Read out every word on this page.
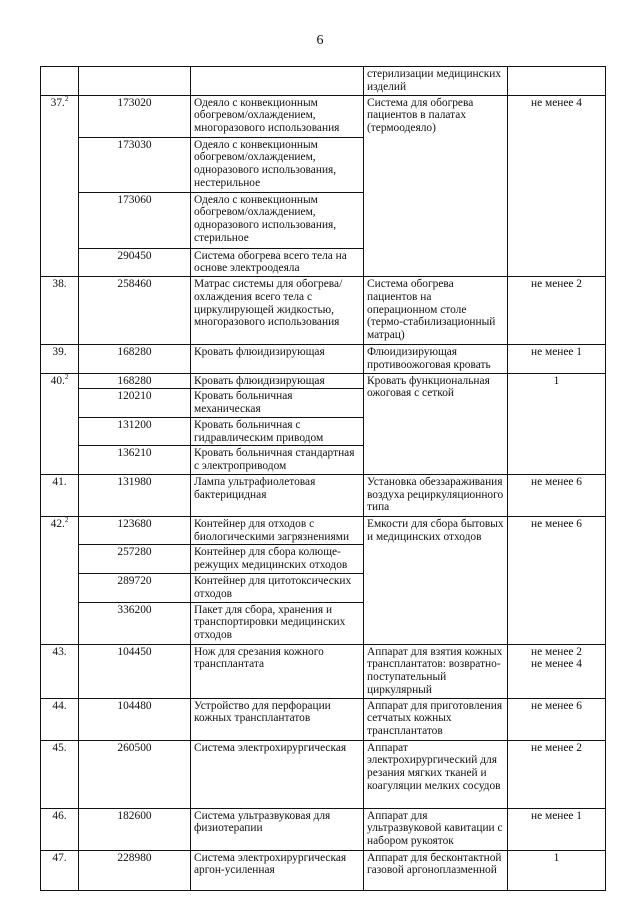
6
			стерилизации медицинских изделий	

37.$^2$	173020	Одеяло с конвекционным обогревом/охлаждением, многоразового использования	Система для обогрева пациентов в палатах (термоодеяло)	не менее 4

	173030	Одеяло с конвекционным обогревом/охлаждением, одноразового использования, нестерильное		
	173060	Одеяло с конвекционным обогревом/охлаждением, одноразового использования, стерильное		
	290450	Система обогрева всего тела на основе электроодеяла		
38.	258460	Матрас системы для обогрева/охлаждения всего тела с циркулирующей жидкостью, многоразового использования	Система обогрева пациентов на операционном столе (термо-стабилизационный матрац)	не менее 2

39.	168280	Кровать флюидизирующая	Флюидизирующая противоожоговая кровать	не менее 1

40.$^2$	168280	Кровать флюидизирующая	Кровать функциональная ожоговая с сеткой	1

	120210	Кровать больничная механическая		
	131200	Кровать больничная с гидравлическим приводом		
	136210	Кровать больничная стандартная с электроприводом		
41.	131980	Лампа ультрафиолетовая бактерицидная	Установка обеззараживания воздуха рециркуляционного типа	не менее 6

42.$^2$	123680	Контейнер для отходов с биологическими загрязнениями	Емкости для сбора бытовых и медицинских отходов	не менее 6

	257280	Контейнер для сбора колюще-режущих медицинских отходов		
	289720	Контейнер для цитотоксических отходов		
	336200	Пакет для сбора, хранения и транспортировки медицинских отходов		
43.	104450	Нож для срезания кожного трансплантата	Аппарат для взятия кожных трансплантатов: возвратно-поступательный циркулярный	не менее 2
не менее 4

44.	104480	Устройство для перфорации кожных трансплантатов	Аппарат для приготовления сетчатых кожных трансплантатов	не менее 6

45.	260500	Система электрохирургическая	Аппарат электрохирургический для резания мягких тканей и коагуляции мелких сосудов	не менее 2

46.	182600	Система ультразвуковая для физиотерапии	Аппарат для ультразвуковой кавитации с набором рукояток	не менее 1

47.	228980	Система электрохирургическая аргон-усиленная	Аппарат для бесконтактной газовой аргоноплазменной	1
